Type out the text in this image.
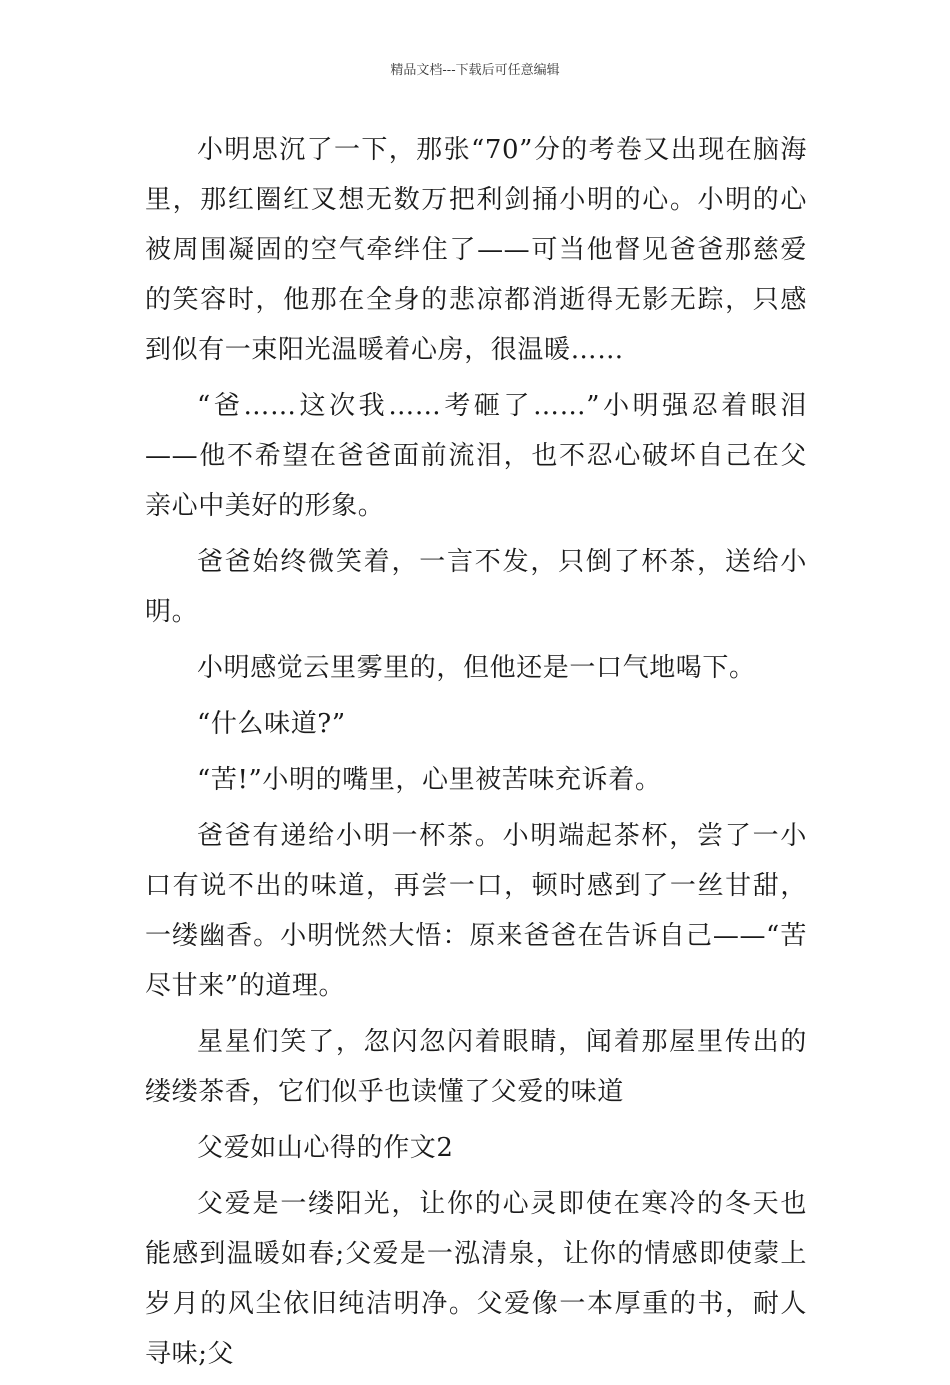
精品文档---下载后可任意编辑

小明思沉了一下，那张“70”分的考卷又出现在脑海里，那红圈红叉想无数万把利剑捅小明的心。小明的心被周围凝固的空气牵绊住了——可当他督见爸爸那慈爱的笑容时，他那在全身的悲凉都消逝得无影无踪，只感到似有一束阳光温暖着心房，很温暖……

“爸……这次我……考砸了……”小明强忍着眼泪——他不希望在爸爸面前流泪，也不忍心破坏自己在父亲心中美好的形象。

爸爸始终微笑着，一言不发，只倒了杯茶，送给小明。

小明感觉云里雾里的，但他还是一口气地喝下。

“什么味道?”

“苦!”小明的嘴里，心里被苦味充诉着。

爸爸有递给小明一杯茶。小明端起茶杯，尝了一小口有说不出的味道，再尝一口，顿时感到了一丝甘甜，一缕幽香。小明恍然大悟：原来爸爸在告诉自己——“苦尽甘来”的道理。

星星们笑了，忽闪忽闪着眼睛，闻着那屋里传出的缕缕茶香，它们似乎也读懂了父爱的味道

父爱如山心得的作文2

父爱是一缕阳光，让你的心灵即使在寒冷的冬天也能感到温暖如春;父爱是一泓清泉，让你的情感即使蒙上岁月的风尘依旧纯洁明净。父爱像一本厚重的书，耐人寻味;父
